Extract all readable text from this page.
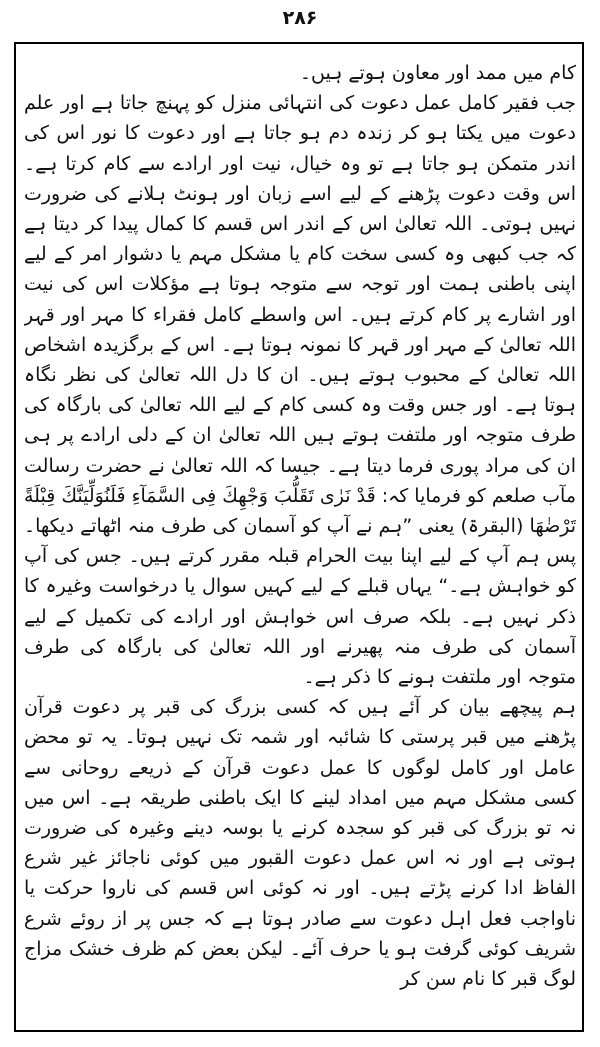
۲۸۶

کام میں ممد اور معاون ہوتے ہیں۔

جب فقیر کامل عمل دعوت کی انتہائی منزل کو پہنچ جاتا ہے اور علم دعوت میں یکتا ہو کر زندہ دم ہو جاتا ہے اور دعوت کا نور اس کی اندر متمکن ہو جاتا ہے تو وہ خیال، نیت اور ارادے سے کام کرتا ہے۔ اس وقت دعوت پڑھنے کے لیے اسے زبان اور ہونٹ ہلانے کی ضرورت نہیں ہوتی۔ اللہ تعالیٰ اس کے اندر اس قسم کا کمال پیدا کر دیتا ہے کہ جب کبھی وہ کسی سخت کام یا مشکل مہم یا دشوار امر کے لیے اپنی باطنی ہمت اور توجہ سے متوجہ ہوتا ہے مؤکلات اس کی نیت اور اشارے پر کام کرتے ہیں۔ اس واسطے کامل فقراء کا مہر اور قہر اللہ تعالیٰ کے مہر اور قہر کا نمونہ ہوتا ہے۔ اس کے برگزیدہ اشخاص اللہ تعالیٰ کے محبوب ہوتے ہیں۔ ان کا دل اللہ تعالیٰ کی نظر نگاہ ہوتا ہے۔ اور جس وقت وہ کسی کام کے لیے اللہ تعالیٰ کی بارگاہ کی طرف متوجہ اور ملتفت ہوتے ہیں اللہ تعالیٰ ان کے دلی ارادے پر ہی ان کی مراد پوری فرما دیتا ہے۔ جیسا کہ اللہ تعالیٰ نے حضرت رسالت مآب صلعم کو فرمایا کہ: قَدْ نَرٰى تَقَلُّبَ وَجْهِكَ فِى السَّمَآءِ فَلَنُوَلِّيَنَّكَ قِبْلَةً تَرْضٰهَا (البقرۃ) یعنی ”ہم نے آپ کو آسمان کی طرف منہ اٹھاتے دیکھا۔ پس ہم آپ کے لیے اپنا بیت الحرام قبلہ مقرر کرتے ہیں۔ جس کی آپ کو خواہش ہے۔“ یہاں قبلے کے لیے کہیں سوال یا درخواست وغیرہ کا ذکر نہیں ہے۔ بلکہ صرف اس خواہش اور ارادے کی تکمیل کے لیے آسمان کی طرف منہ پھیرنے اور اللہ تعالیٰ کی بارگاہ کی طرف متوجہ اور ملتفت ہونے کا ذکر ہے۔

ہم پیچھے بیان کر آئے ہیں کہ کسی بزرگ کی قبر پر دعوت قرآن پڑھنے میں قبر پرستی کا شائبہ اور شمہ تک نہیں ہوتا۔ یہ تو محض عامل اور کامل لوگوں کا عمل دعوت قرآن کے ذریعے روحانی سے کسی مشکل مہم میں امداد لینے کا ایک باطنی طریقہ ہے۔ اس میں نہ تو بزرگ کی قبر کو سجدہ کرنے یا بوسہ دینے وغیرہ کی ضرورت ہوتی ہے اور نہ اس عمل دعوت القبور میں کوئی ناجائز غیر شرع الفاظ ادا کرنے پڑتے ہیں۔ اور نہ کوئی اس قسم کی ناروا حرکت یا ناواجب فعل اہل دعوت سے صادر ہوتا ہے کہ جس پر از روئے شرع شریف کوئی گرفت ہو یا حرف آئے۔ لیکن بعض کم ظرف خشک مزاج لوگ قبر کا نام سن کر
